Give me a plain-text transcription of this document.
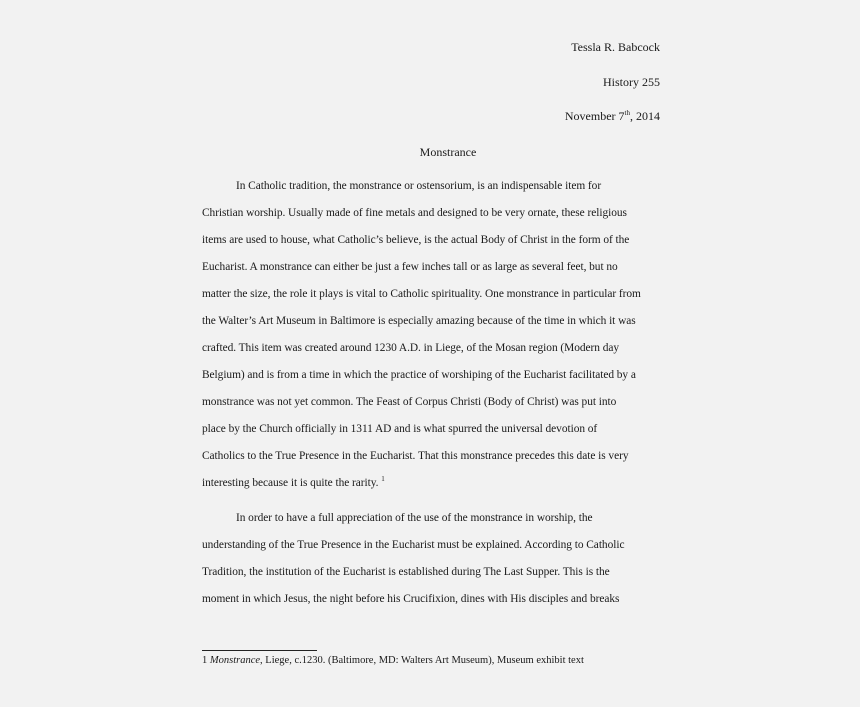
Tessla R. Babcock
History 255
November 7th, 2014
Monstrance
In Catholic tradition, the monstrance or ostensorium, is an indispensable item for
Christian worship. Usually made of fine metals and designed to be very ornate, these religious
items are used to house, what Catholic’s believe, is the actual Body of Christ in the form of the
Eucharist. A monstrance can either be just a few inches tall or as large as several feet, but no
matter the size, the role it plays is vital to Catholic spirituality. One monstrance in particular from
the Walter’s Art Museum in Baltimore is especially amazing because of the time in which it was
crafted. This item was created around 1230 A.D. in Liege, of the Mosan region (Modern day
Belgium) and is from a time in which the practice of worshiping of the Eucharist facilitated by a
monstrance was not yet common. The Feast of Corpus Christi (Body of Christ) was put into
place by the Church officially in 1311 AD and is what spurred the universal devotion of
Catholics to the True Presence in the Eucharist. That this monstrance precedes this date is very
interesting because it is quite the rarity. $^1$
In order to have a full appreciation of the use of the monstrance in worship, the
understanding of the True Presence in the Eucharist must be explained. According to Catholic
Tradition, the institution of the Eucharist is established during The Last Supper. This is the
moment in which Jesus, the night before his Crucifixion, dines with His disciples and breaks
1 Monstrance, Liege, c.1230. (Baltimore, MD: Walters Art Museum), Museum exhibit text
